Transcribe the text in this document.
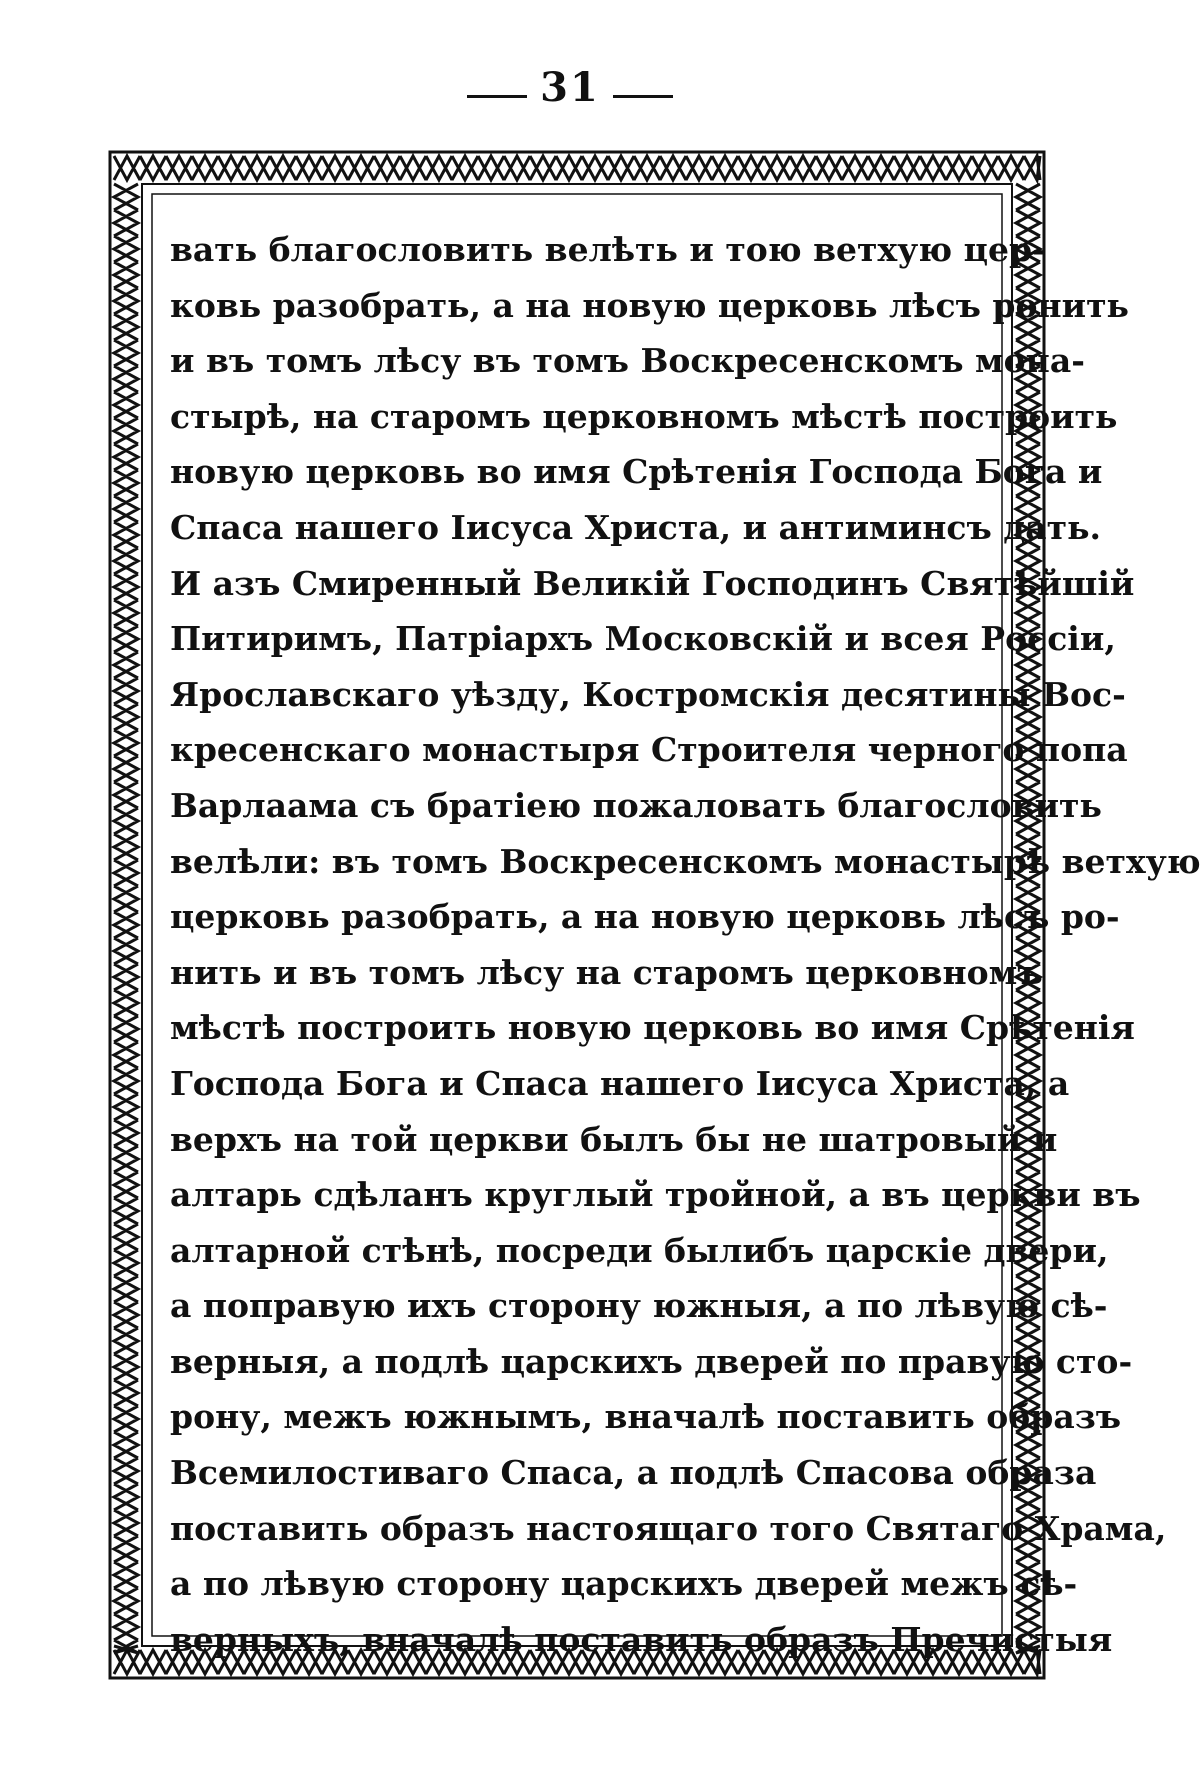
31
вать благословить велѣть и тою ветхую цер-
ковь разобрать, а на новую церковь лѣсъ ронить
и въ томъ лѣсу въ томъ Воскресенскомъ мона-
стырѣ, на старомъ церковномъ мѣстѣ построить
новую церковь во имя Срѣтенія Господа Бога и
Спаса нашего Іисуса Христа, и антиминсъ дать.
И азъ Смиренный Великій Господинъ Святѣйшій
Питиримъ, Патріархъ Московскій и всея Россіи,
Ярославскаго уѣзду, Костромскія десятины Вос-
кресенскаго монастыря Строителя черного попа
Варлаама съ братіею пожаловать благословить
велѣли: въ томъ Воскресенскомъ монастырѣ ветхую
церковь разобрать, а на новую церковь лѣсъ ро-
нить и въ томъ лѣсу на старомъ церковномъ
мѣстѣ построить новую церковь во имя Срѣтенія
Господа Бога и Спаса нашего Іисуса Христа, а
верхъ на той церкви былъ бы не шатровый и
алтарь сдѣланъ круглый тройной, а въ церкви въ
алтарной стѣнѣ, посреди былибъ царскіе двери,
а поправую ихъ сторону южныя, а по лѣвую сѣ-
верныя, а подлѣ царскихъ дверей по правую сто-
рону, межъ южнымъ, вначалѣ поставить образъ
Всемилостиваго Спаса, а подлѣ Спасова образа
поставить образъ настоящаго того Святаго Храма,
а по лѣвую сторону царскихъ дверей межъ сѣ-
верныхъ, вначалѣ поставить образъ Пречистыя
